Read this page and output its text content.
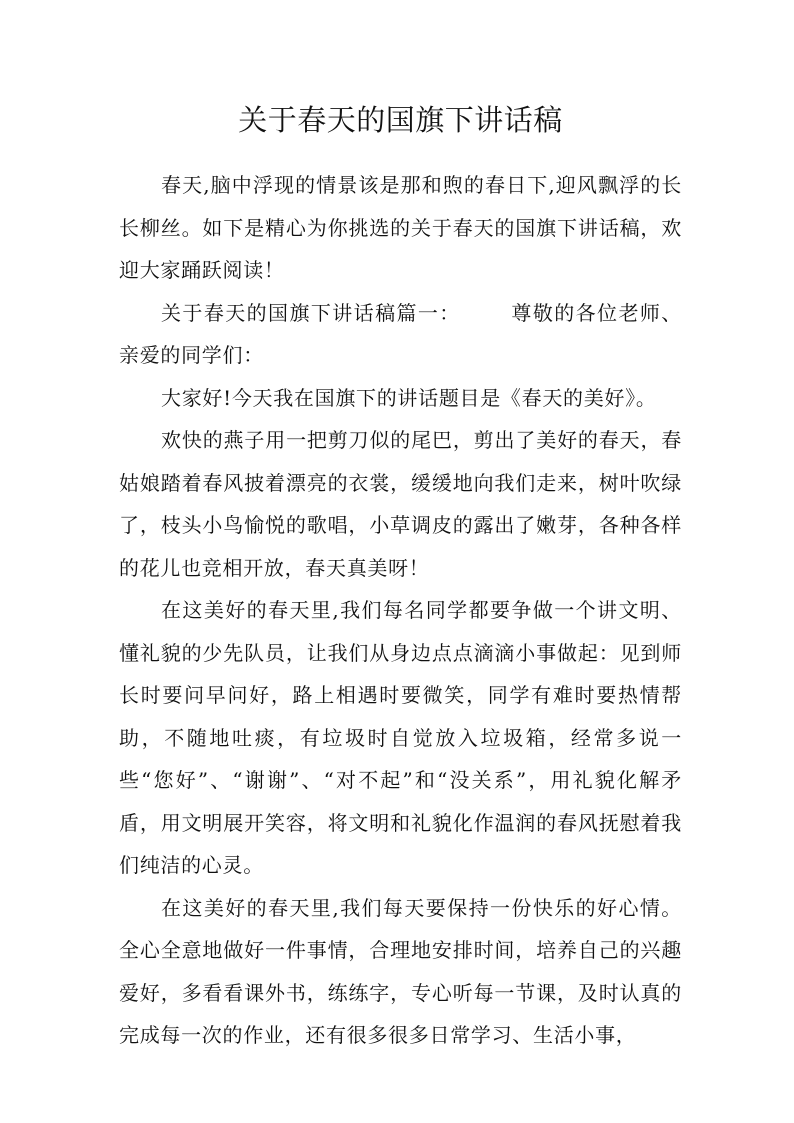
关于春天的国旗下讲话稿

春天,脑中浮现的情景该是那和煦的春日下,迎风飘浮的长长柳丝。如下是精心为你挑选的关于春天的国旗下讲话稿，欢迎大家踊跃阅读！

关于春天的国旗下讲话稿篇一：	尊敬的各位老师、亲爱的同学们：

大家好!今天我在国旗下的讲话题目是《春天的美好》。

欢快的燕子用一把剪刀似的尾巴，剪出了美好的春天，春姑娘踏着春风披着漂亮的衣裳，缓缓地向我们走来，树叶吹绿了，枝头小鸟愉悦的歌唱，小草调皮的露出了嫩芽，各种各样的花儿也竞相开放，春天真美呀！

在这美好的春天里,我们每名同学都要争做一个讲文明、懂礼貌的少先队员，让我们从身边点点滴滴小事做起：见到师长时要问早问好，路上相遇时要微笑，同学有难时要热情帮助，不随地吐痰，有垃圾时自觉放入垃圾箱，经常多说一些“您好”、“谢谢”、“对不起”和“没关系”，用礼貌化解矛盾，用文明展开笑容，将文明和礼貌化作温润的春风抚慰着我们纯洁的心灵。

在这美好的春天里,我们每天要保持一份快乐的好心情。全心全意地做好一件事情，合理地安排时间，培养自己的兴趣爱好，多看看课外书，练练字，专心听每一节课，及时认真的完成每一次的作业，还有很多很多日常学习、生活小事，
